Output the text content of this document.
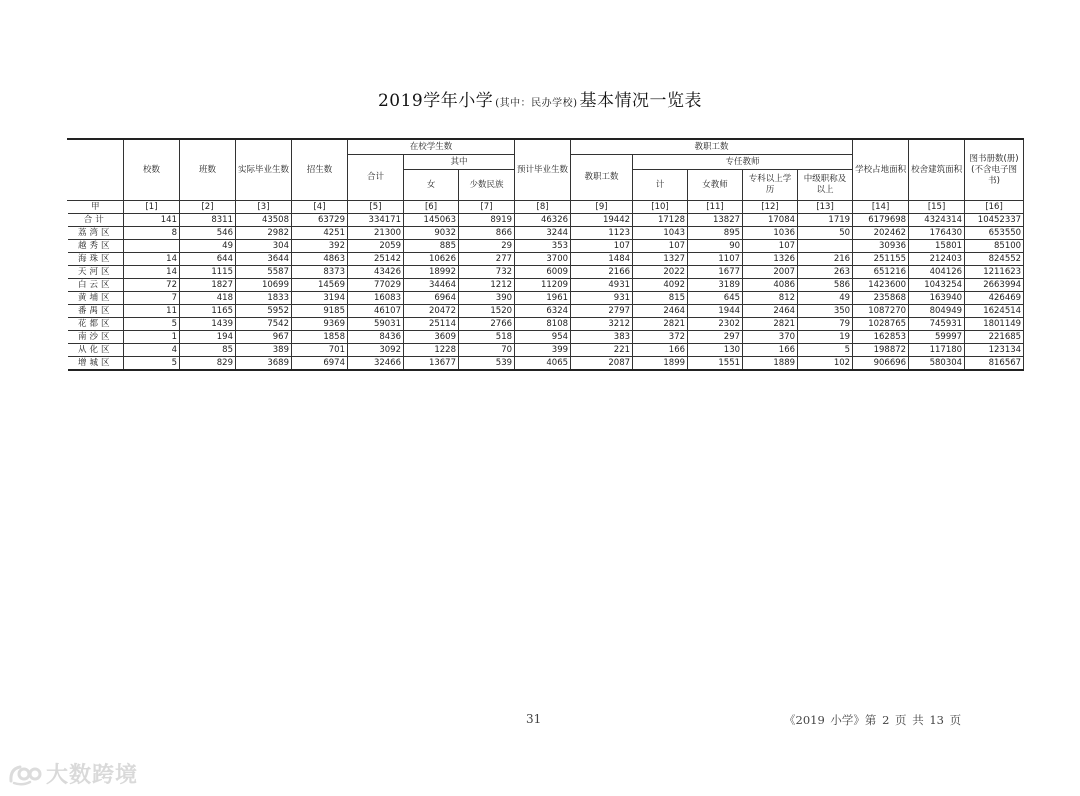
2019学年小学 (其中：民办学校) 基本情况一览表
	校数	班数	实际毕业生数	招生数	在校学生数			预计毕业生数	教职工数					学校占地面积	校舍建筑面积	图书册数(册)(不含电子图书)
					合计	其中			教职工数	专任教师						
						女	少数民族			计	女教师	专科以上学历	中级职称及以上			
甲	[1]	[2]	[3]	[4]	[5]	[6]	[7]	[8]	[9]	[10]	[11]	[12]	[13]	[14]	[15]	[16]
合计	141	8311	43508	63729	334171	145063	8919	46326	19442	17128	13827	17084	1719	6179698	4324314	10452337
荔湾区	8	546	2982	4251	21300	9032	866	3244	1123	1043	895	1036	50	202462	176430	653550
越秀区		49	304	392	2059	885	29	353	107	107	90	107		30936	15801	85100
海珠区	14	644	3644	4863	25142	10626	277	3700	1484	1327	1107	1326	216	251155	212403	824552
天河区	14	1115	5587	8373	43426	18992	732	6009	2166	2022	1677	2007	263	651216	404126	1211623
白云区	72	1827	10699	14569	77029	34464	1212	11209	4931	4092	3189	4086	586	1423600	1043254	2663994
黄埔区	7	418	1833	3194	16083	6964	390	1961	931	815	645	812	49	235868	163940	426469
番禺区	11	1165	5952	9185	46107	20472	1520	6324	2797	2464	1944	2464	350	1087270	804949	1624514
花都区	5	1439	7542	9369	59031	25114	2766	8108	3212	2821	2302	2821	79	1028765	745931	1801149
南沙区	1	194	967	1858	8436	3609	518	954	383	372	297	370	19	162853	59997	221685
从化区	4	85	389	701	3092	1228	70	399	221	166	130	166	5	198872	117180	123134
增城区	5	829	3689	6974	32466	13677	539	4065	2087	1899	1551	1889	102	906696	580304	816567
31	《2019 小学》第 2 页 共 13 页
大数跨境
